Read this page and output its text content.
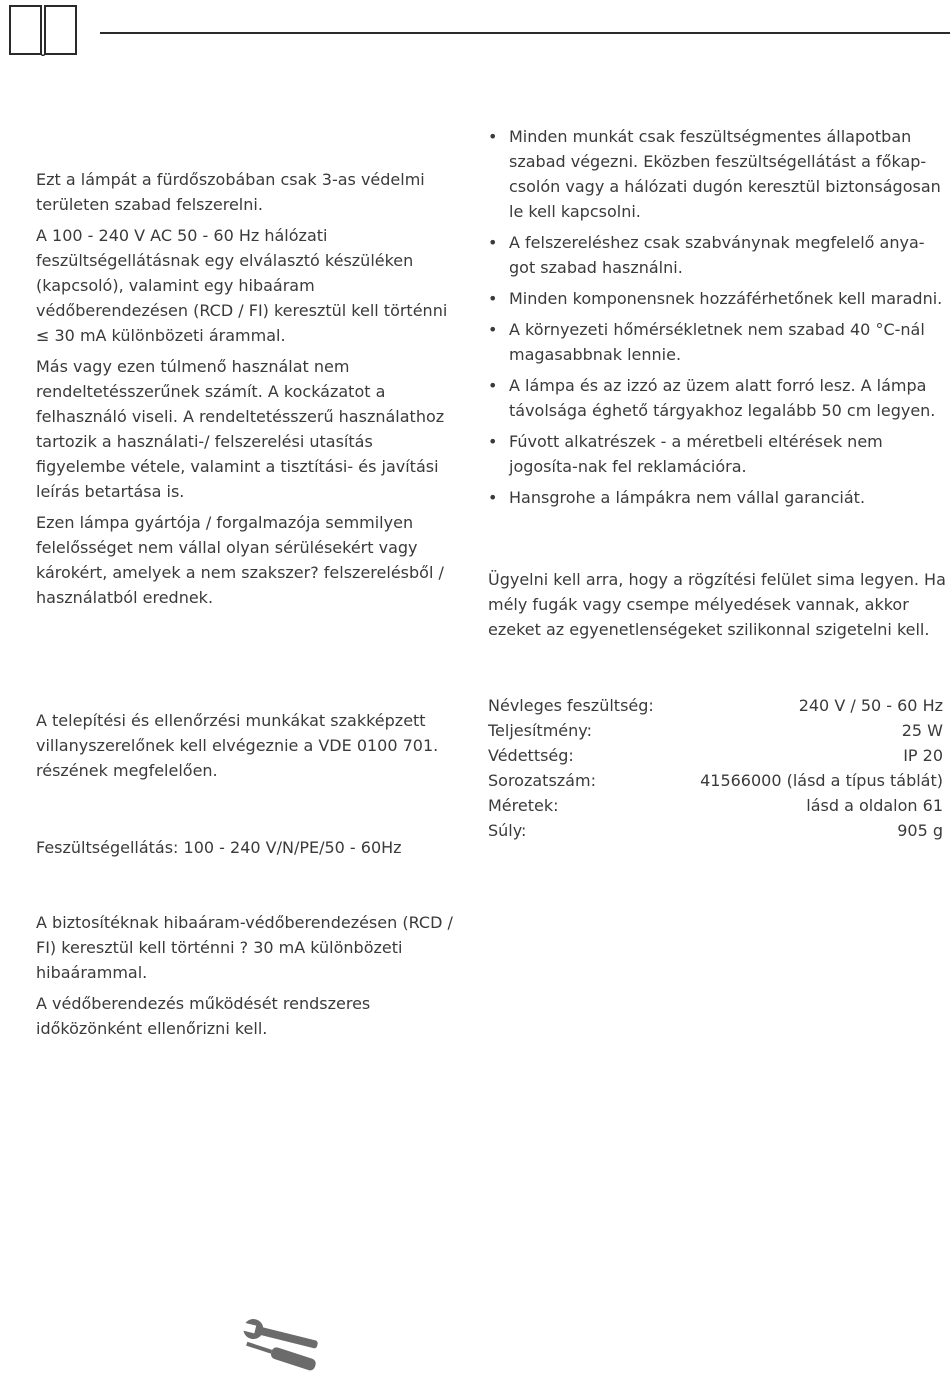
Ezt a lámpát a fürdőszobában csak 3-as védelmi területen szabad felszerelni.

A 100 - 240 V AC 50 - 60 Hz hálózati feszültségellátásnak egy elválasztó készüléken (kapcsoló), valamint egy hibaáram védőberendezésen (RCD / FI) keresztül kell történni ≤ 30 mA különbözeti árammal.

Más vagy ezen túlmenő használat nem rendeltetésszerűnek számít. A kockázatot a felhasználó viseli. A rendeltetésszerű használathoz tartozik a használati-/ felszerelési utasítás figyelembe vétele, valamint a tisztítási- és javítási leírás betartása is.

Ezen lámpa gyártója / forgalmazója semmilyen felelősséget nem vállal olyan sérülésekért vagy károkért, amelyek a nem szakszer? felszerelésből / használatból erednek.

A telepítési és ellenőrzési munkákat szakképzett villanyszerelőnek kell elvégeznie a VDE 0100 701. részének megfelelően.

Feszültségellátás: 100 - 240 V/N/PE/50 - 60Hz

A biztosítéknak hibaáram-védőberendezésen (RCD / FI) keresztül kell történni ? 30 mA különbözeti hibaárammal.

A védőberendezés működését rendszeres időközönként ellenőrizni kell.

• Minden munkát csak feszültségmentes állapotban szabad végezni. Eközben feszültségellátást a főkap-csolón vagy a hálózati dugón keresztül biztonságosan le kell kapcsolni.
• A felszereléshez csak szabványnak megfelelő anya-got szabad használni.
• Minden komponensnek hozzáférhetőnek kell maradni.
• A környezeti hőmérsékletnek nem szabad 40 °C-nál magasabbnak lennie.
• A lámpa és az izzó az üzem alatt forró lesz. A lámpa távolsága éghető tárgyakhoz legalább 50 cm legyen.
• Fúvott alkatrészek - a méretbeli eltérések nem jogosíta-nak fel reklamációra.
• Hansgrohe a lámpákra nem vállal garanciát.

Ügyelni kell arra, hogy a rögzítési felület sima legyen. Ha mély fugák vagy csempe mélyedések vannak, akkor ezeket az egyenetlenségeket szilikonnal szigetelni kell.

Névleges feszültség:	240 V / 50 - 60 Hz
Teljesítmény:	25 W
Védettség:	IP 20
Sorozatszám:	41566000 (lásd a típus táblát)
Méretek:	lásd a oldalon 61
Súly:	905 g
